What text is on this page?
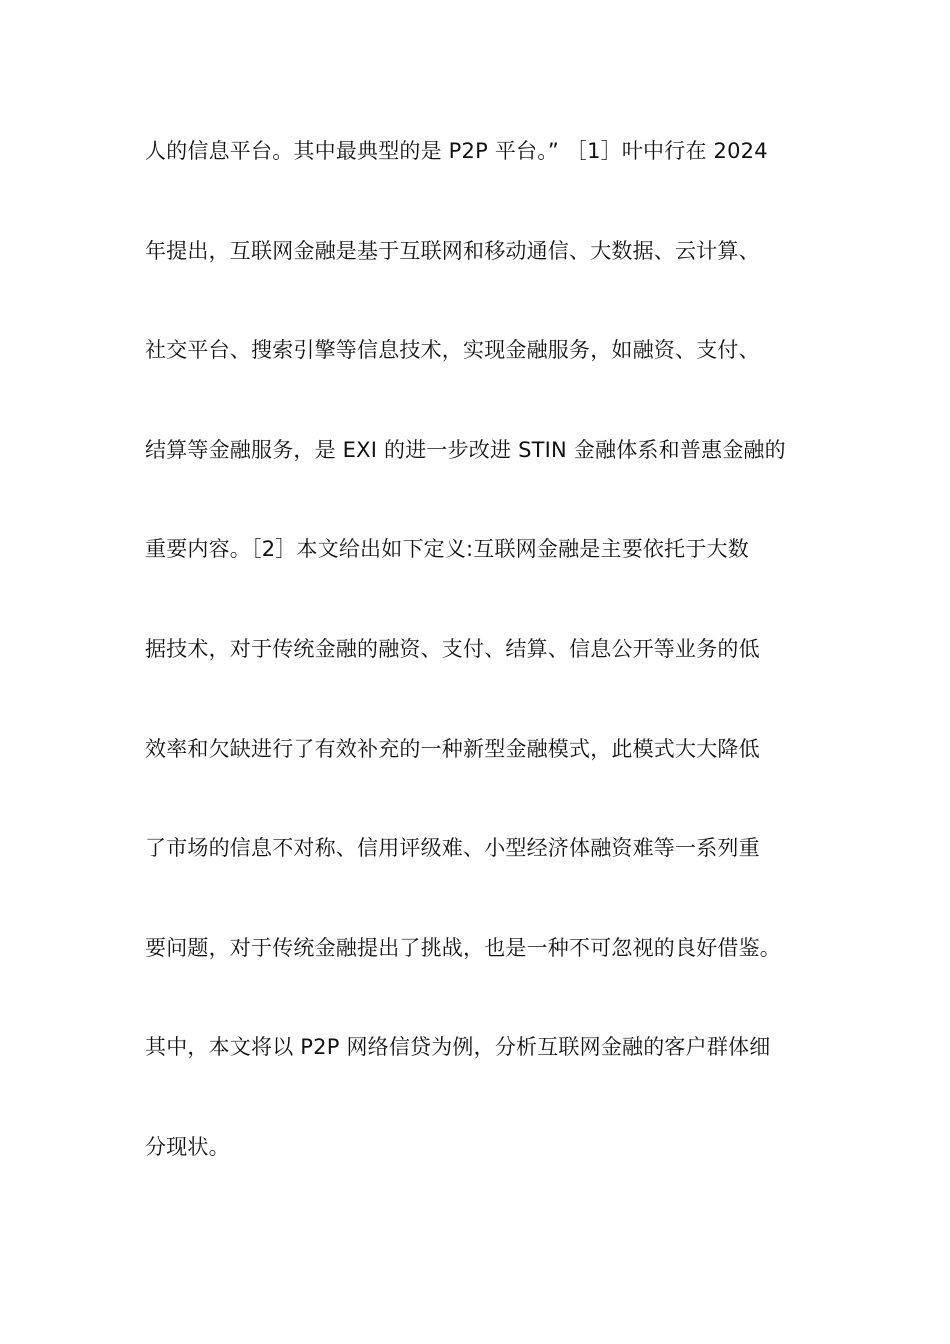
人的信息平台。其中最典型的是 P2P 平台。” ［1］叶中行在 2024
年提出，互联网金融是基于互联网和移动通信、大数据、云计算、
社交平台、搜索引擎等信息技术，实现金融服务，如融资、支付、
结算等金融服务，是 EXI 的进一步改进 STIN 金融体系和普惠金融的
重要内容。［2］本文给出如下定义:互联网金融是主要依托于大数
据技术，对于传统金融的融资、支付、结算、信息公开等业务的低
效率和欠缺进行了有效补充的一种新型金融模式，此模式大大降低
了市场的信息不对称、信用评级难、小型经济体融资难等一系列重
要问题，对于传统金融提出了挑战，也是一种不可忽视的良好借鉴。
其中，本文将以 P2P 网络信贷为例，分析互联网金融的客户群体细
分现状。
